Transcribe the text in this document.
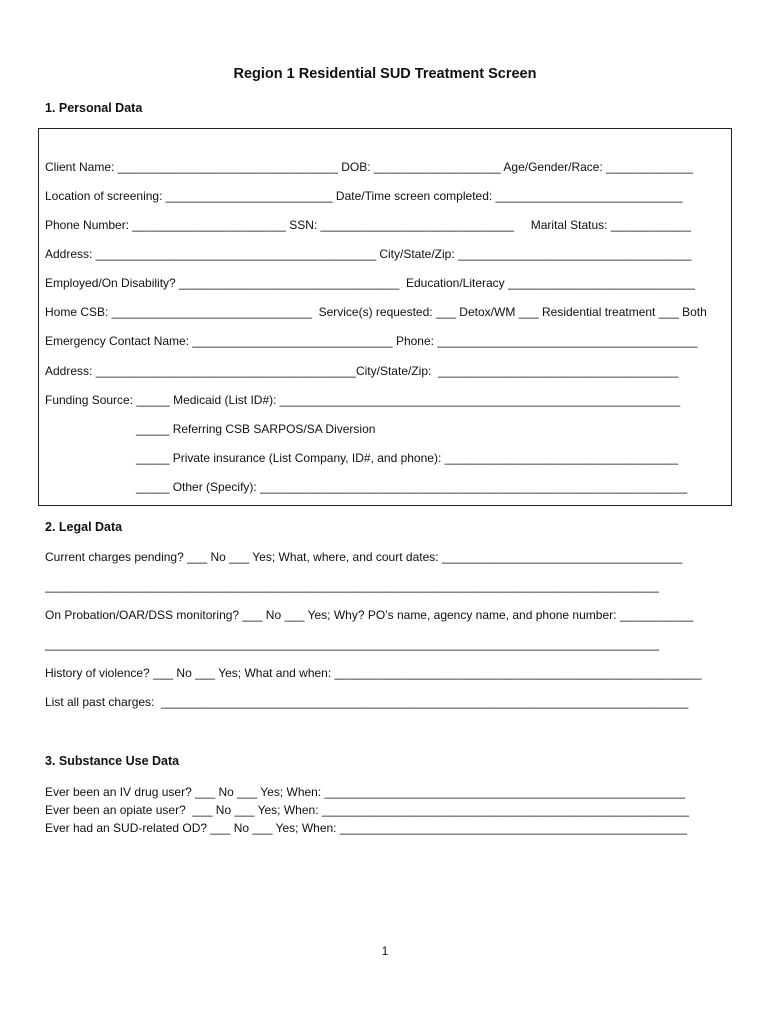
Region 1 Residential SUD Treatment Screen
1. Personal Data
Client Name: _________________________________ DOB: ___________________ Age/Gender/Race: _____________
Location of screening: _________________________ Date/Time screen completed: ____________________________
Phone Number: _______________________ SSN: _____________________________     Marital Status: ____________
Address: __________________________________________ City/State/Zip: ___________________________________
Employed/On Disability? _________________________________  Education/Literacy ____________________________
Home CSB: ______________________________  Service(s) requested: ___ Detox/WM ___ Residential treatment ___ Both
Emergency Contact Name: ______________________________ Phone: _______________________________________
Address: _______________________________________City/State/Zip:  ____________________________________
Funding Source: _____ Medicaid (List ID#): ____________________________________________________________
_____ Referring CSB SARPOS/SA Diversion
_____ Private insurance (List Company, ID#, and phone): ___________________________________
_____ Other (Specify): ________________________________________________________________
2. Legal Data
Current charges pending? ___ No ___ Yes; What, where, and court dates: ____________________________________
____________________________________________________________________________________________
On Probation/OAR/DSS monitoring? ___ No ___ Yes; Why? PO’s name, agency name, and phone number: ___________
____________________________________________________________________________________________
History of violence? ___ No ___ Yes; What and when: _______________________________________________________
List all past charges:  _______________________________________________________________________________
3. Substance Use Data
Ever been an IV drug user? ___ No ___ Yes; When: ______________________________________________________
Ever been an opiate user?  ___ No ___ Yes; When: _______________________________________________________
Ever had an SUD-related OD? ___ No ___ Yes; When: ____________________________________________________
1
